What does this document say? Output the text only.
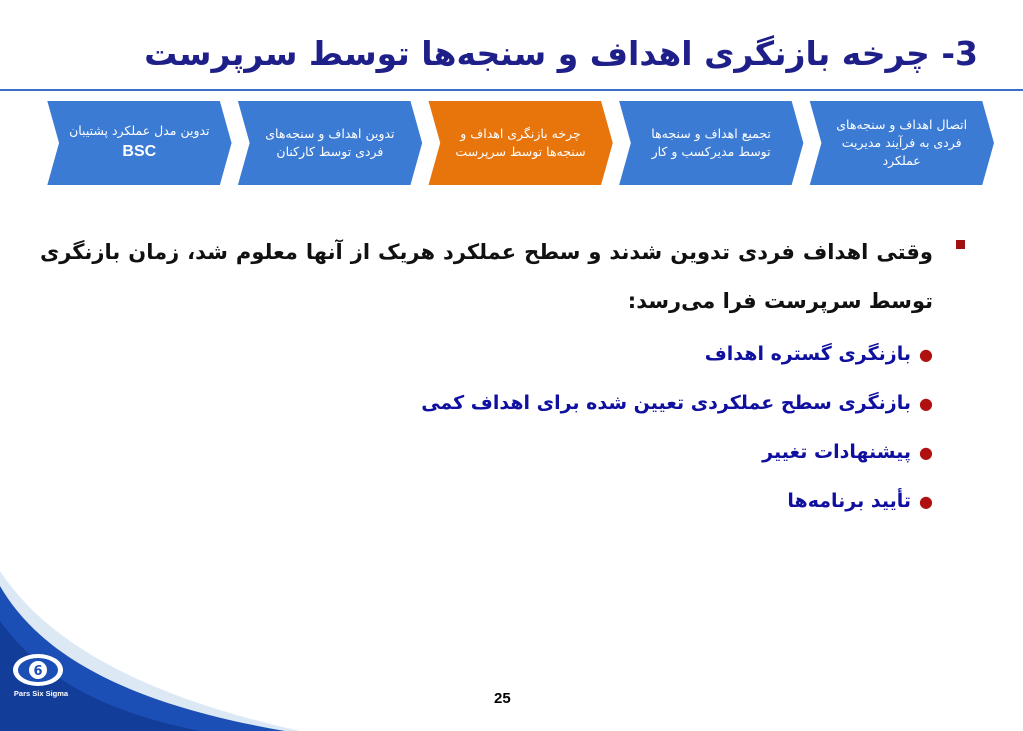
3- چرخه بازنگری اهداف و سنجه‌ها توسط سرپرست
اتصال اهداف و سنجه‌های
فردی به فرآیند مدیریت
عملکرد
تجمیع اهداف و سنجه‌ها
توسط مدیرکسب و کار
چرخه بازنگری اهداف و
سنجه‌ها توسط سرپرست
تدوین اهداف و سنجه‌های
فردی توسط کارکنان
تدوین مدل عملکرد پشتیبان
BSC
وقتی اهداف فردی تدوین شدند و سطح عملکرد هریک از آنها معلوم شد، زمان بازنگری توسط سرپرست فرا می‌رسد:
●
بازنگری گستره اهداف
●
بازنگری سطح عملکردی تعیین شده برای اهداف کمی
●
پیشنهادات تغییر
●
تأیید برنامه‌ها
6
Pars Six Sigma	25
